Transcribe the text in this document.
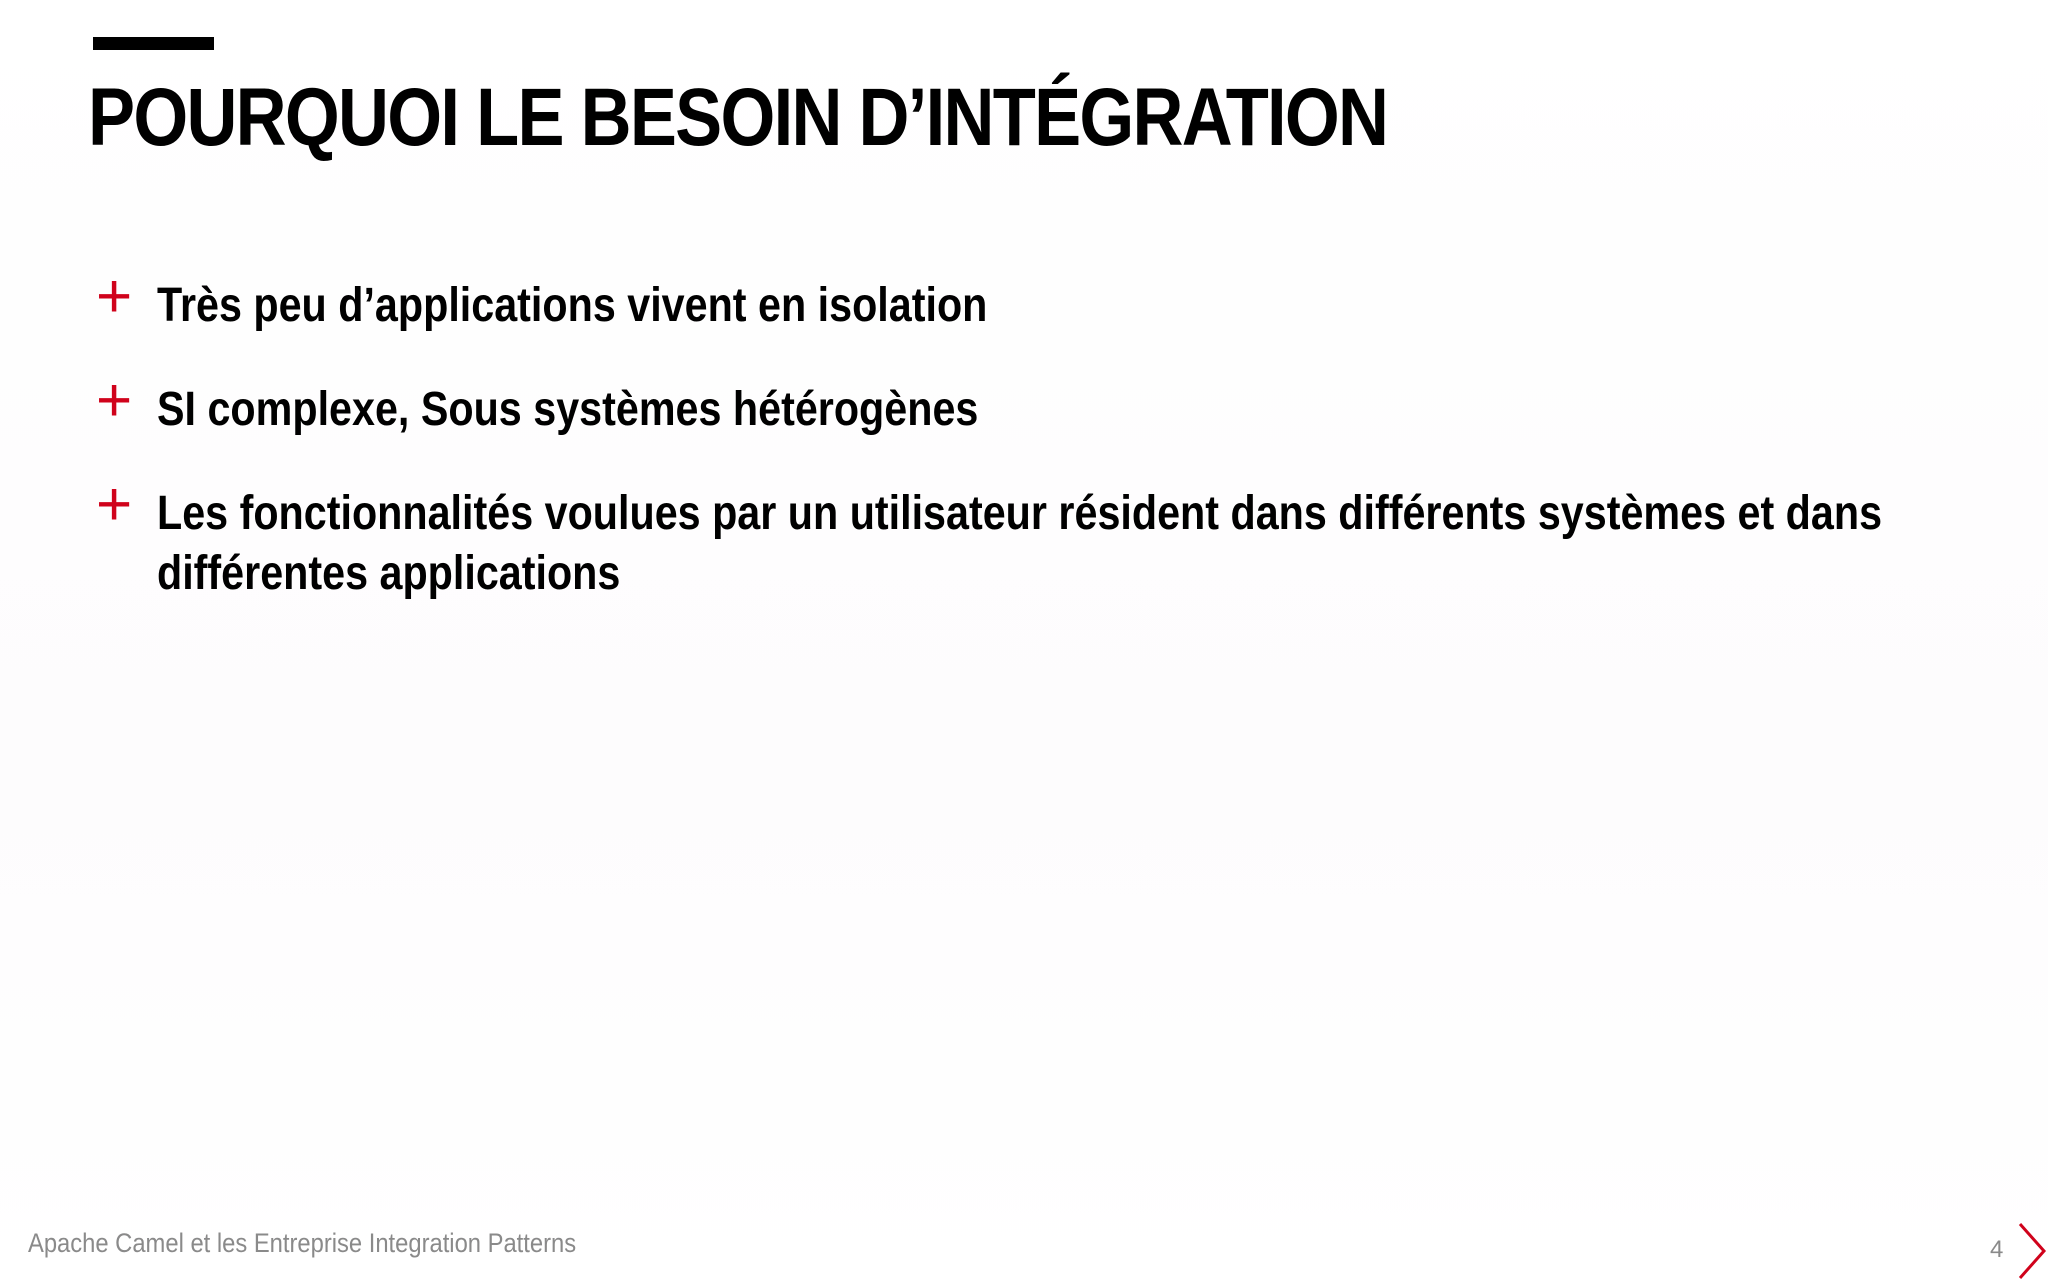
POURQUOI LE BESOIN D’INTÉGRATION
+ Très peu d’applications vivent en isolation
+ SI complexe, Sous systèmes hétérogènes
+ Les fonctionnalités voulues par un utilisateur résident dans différents systèmes et dans différentes applications
Apache Camel et les Entreprise Integration Patterns	4
